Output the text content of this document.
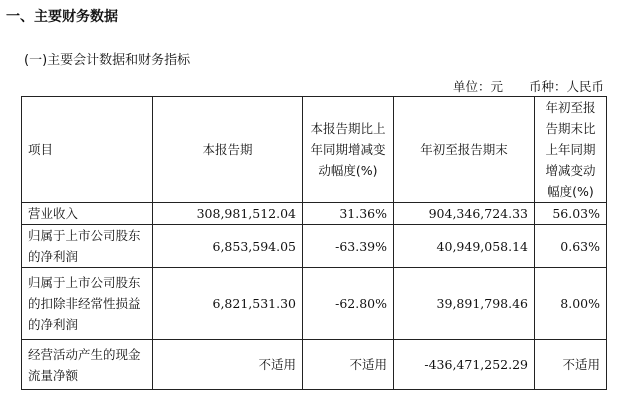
一、主要财务数据
(一)主要会计数据和财务指标
单位：元 币种：人民币
项目	本报告期	本报告期比上年同期增减变动幅度(%)	年初至报告期末	年初至报告期末比上年同期增减变动幅度(%)
营业收入	308,981,512.04	31.36%	904,346,724.33	56.03%
归属于上市公司股东的净利润	6,853,594.05	-63.39%	40,949,058.14	0.63%
归属于上市公司股东的扣除非经常性损益的净利润	6,821,531.30	-62.80%	39,891,798.46	8.00%
经营活动产生的现金流量净额	不适用	不适用	-436,471,252.29	不适用
